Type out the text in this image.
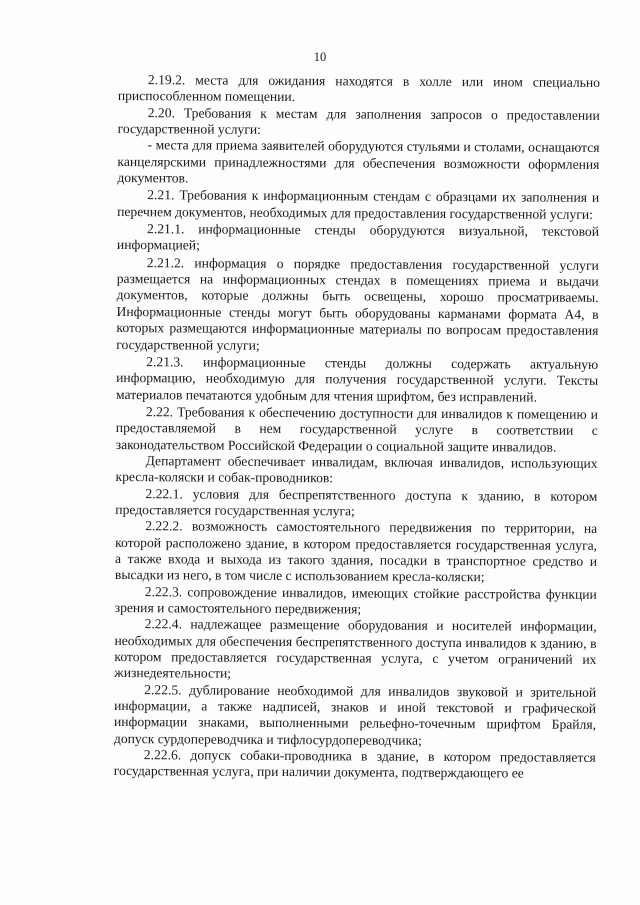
10

2.19.2. места для ожидания находятся в холле или ином специально приспособленном помещении.

2.20. Требования к местам для заполнения запросов о предоставлении государственной услуги:

- места для приема заявителей оборудуются стульями и столами, оснащаются канцелярскими принадлежностями для обеспечения возможности оформления документов.

2.21. Требования к информационным стендам с образцами их заполнения и перечнем документов, необходимых для предоставления государственной услуги:

2.21.1. информационные стенды оборудуются визуальной, текстовой информацией;

2.21.2. информация о порядке предоставления государственной услуги размещается на информационных стендах в помещениях приема и выдачи документов, которые должны быть освещены, хорошо просматриваемы. Информационные стенды могут быть оборудованы карманами формата А4, в которых размещаются информационные материалы по вопросам предоставления государственной услуги;

2.21.3. информационные стенды должны содержать актуальную информацию, необходимую для получения государственной услуги. Тексты материалов печатаются удобным для чтения шрифтом, без исправлений.

2.22. Требования к обеспечению доступности для инвалидов к помещению и предоставляемой в нем государственной услуге в соответствии с законодательством Российской Федерации о социальной защите инвалидов.

Департамент обеспечивает инвалидам, включая инвалидов, использующих кресла-коляски и собак-проводников:

2.22.1. условия для беспрепятственного доступа к зданию, в котором предоставляется государственная услуга;

2.22.2. возможность самостоятельного передвижения по территории, на которой расположено здание, в котором предоставляется государственная услуга, а также входа и выхода из такого здания, посадки в транспортное средство и высадки из него, в том числе с использованием кресла-коляски;

2.22.3. сопровождение инвалидов, имеющих стойкие расстройства функции зрения и самостоятельного передвижения;

2.22.4. надлежащее размещение оборудования и носителей информации, необходимых для обеспечения беспрепятственного доступа инвалидов к зданию, в котором предоставляется государственная услуга, с учетом ограничений их жизнедеятельности;

2.22.5. дублирование необходимой для инвалидов звуковой и зрительной информации, а также надписей, знаков и иной текстовой и графической информации знаками, выполненными рельефно-точечным шрифтом Брайля, допуск сурдопереводчика и тифлосурдопереводчика;

2.22.6. допуск собаки-проводника в здание, в котором предоставляется государственная услуга, при наличии документа, подтверждающего ее
